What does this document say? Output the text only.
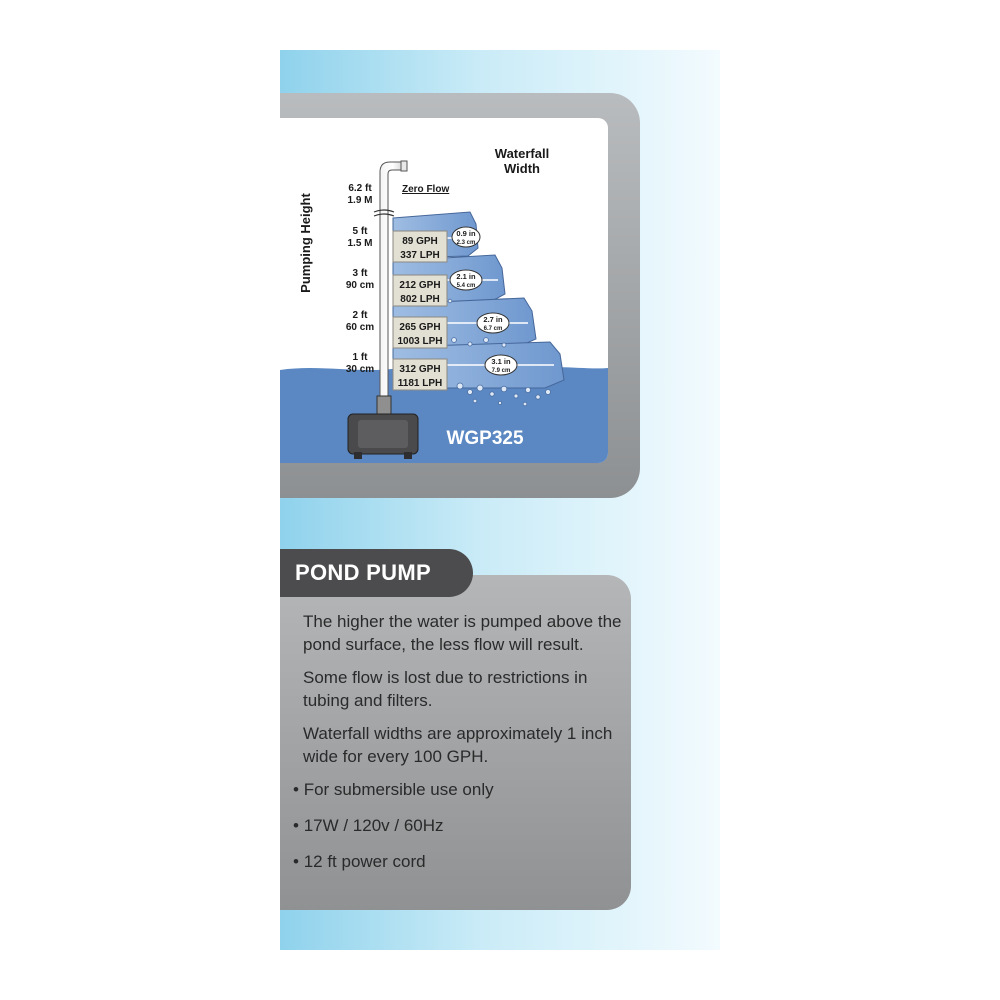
0.9 in
2.3 cm
2.1 in
5.4 cm
2.7 in
6.7 cm
3.1 in
7.9 cm
89 GPH
337 LPH
212 GPH
802 LPH
265 GPH
1003 LPH
312 GPH
1181 LPH
Zero Flow
6.2 ft
1.9 M
5 ft
1.5 M
3 ft
90 cm
2 ft
60 cm
1 ft
30 cm
Pumping Height
Waterfall
Width
WGP325

The higher the water is pumped above the pond surface, the less flow will result.

Some flow is lost due to restrictions in tubing and filters.

Waterfall widths are approximately 1 inch wide for every 100 GPH.

• For submersible use only

• 17W / 120v / 60Hz

• 12 ft power cord

POND PUMP
